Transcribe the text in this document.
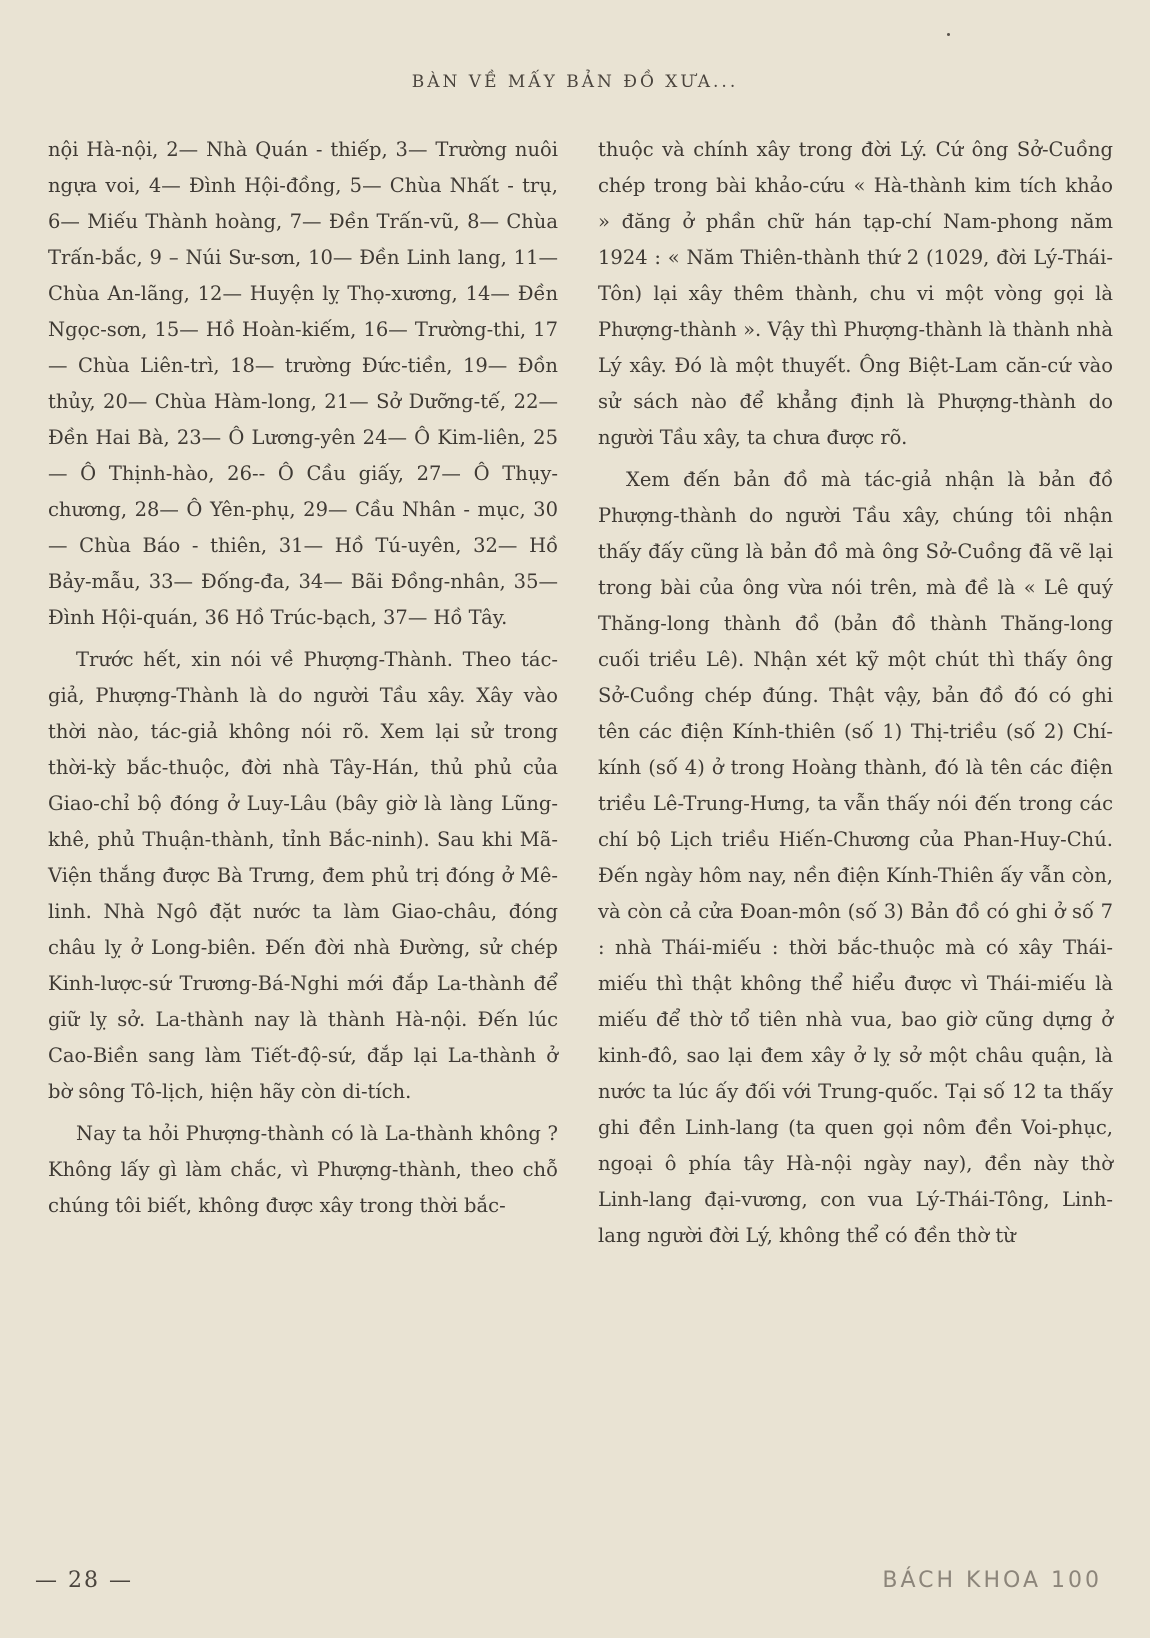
BÀN VỀ MẤY BẢN ĐỒ XƯA...

nội Hà-nội, 2— Nhà Quán - thiếp, 3— Trường nuôi ngựa voi, 4— Đình Hội-đồng, 5— Chùa Nhất - trụ, 6— Miếu Thành hoàng, 7— Đền Trấn-vũ, 8— Chùa Trấn-bắc, 9 – Núi Sư-sơn, 10— Đền Linh lang, 11— Chùa An-lãng, 12— Huyện lỵ Thọ-xương, 14— Đền Ngọc-sơn, 15— Hồ Hoàn-kiếm, 16— Trường-thi, 17— Chùa Liên-trì, 18— trường Đức-tiền, 19— Đồn thủy, 20— Chùa Hàm-long, 21— Sở Dưỡng-tế, 22— Đền Hai Bà, 23— Ô Lương-yên 24— Ô Kim-liên, 25— Ô Thịnh-hào, 26-- Ô Cầu giấy, 27— Ô Thụy-chương, 28— Ô Yên-phụ, 29— Cầu Nhân - mục, 30— Chùa Báo - thiên, 31— Hồ Tú-uyên, 32— Hồ Bảy-mẫu, 33— Đống-đa, 34— Bãi Đồng-nhân, 35— Đình Hội-quán, 36 Hồ Trúc-bạch, 37— Hồ Tây.

Trước hết, xin nói về Phượng-Thành. Theo tác-giả, Phượng-Thành là do người Tầu xây. Xây vào thời nào, tác-giả không nói rõ. Xem lại sử trong thời-kỳ bắc-thuộc, đời nhà Tây-Hán, thủ phủ của Giao-chỉ bộ đóng ở Luy-Lâu (bây giờ là làng Lũng-khê, phủ Thuận-thành, tỉnh Bắc-ninh). Sau khi Mã-Viện thắng được Bà Trưng, đem phủ trị đóng ở Mê-linh. Nhà Ngô đặt nước ta làm Giao-châu, đóng châu lỵ ở Long-biên. Đến đời nhà Đường, sử chép Kinh-lược-sứ Trương-Bá-Nghi mới đắp La-thành để giữ lỵ sở. La-thành nay là thành Hà-nội. Đến lúc Cao-Biền sang làm Tiết-độ-sứ, đắp lại La-thành ở bờ sông Tô-lịch, hiện hãy còn di-tích.

Nay ta hỏi Phượng-thành có là La-thành không ? Không lấy gì làm chắc, vì Phượng-thành, theo chỗ chúng tôi biết, không được xây trong thời bắc-

thuộc và chính xây trong đời Lý. Cứ ông Sở-Cuồng chép trong bài khảo-cứu « Hà-thành kim tích khảo » đăng ở phần chữ hán tạp-chí Nam-phong năm 1924 : « Năm Thiên-thành thứ 2 (1029, đời Lý-Thái-Tôn) lại xây thêm thành, chu vi một vòng gọi là Phượng-thành ». Vậy thì Phượng-thành là thành nhà Lý xây. Đó là một thuyết. Ông Biệt-Lam căn-cứ vào sử sách nào để khẳng định là Phượng-thành do người Tầu xây, ta chưa được rõ.

Xem đến bản đồ mà tác-giả nhận là bản đồ Phượng-thành do người Tầu xây, chúng tôi nhận thấy đấy cũng là bản đồ mà ông Sở-Cuồng đã vẽ lại trong bài của ông vừa nói trên, mà đề là « Lê quý Thăng-long thành đồ (bản đồ thành Thăng-long cuối triều Lê). Nhận xét kỹ một chút thì thấy ông Sở-Cuồng chép đúng. Thật vậy, bản đồ đó có ghi tên các điện Kính-thiên (số 1) Thị-triều (số 2) Chí-kính (số 4) ở trong Hoàng thành, đó là tên các điện triều Lê-Trung-Hưng, ta vẫn thấy nói đến trong các chí bộ Lịch triều Hiến-Chương của Phan-Huy-Chú. Đến ngày hôm nay, nền điện Kính-Thiên ấy vẫn còn, và còn cả cửa Đoan-môn (số 3) Bản đồ có ghi ở số 7 : nhà Thái-miếu : thời bắc-thuộc mà có xây Thái-miếu thì thật không thể hiểu được vì Thái-miếu là miếu để thờ tổ tiên nhà vua, bao giờ cũng dựng ở kinh-đô, sao lại đem xây ở lỵ sở một châu quận, là nước ta lúc ấy đối với Trung-quốc. Tại số 12 ta thấy ghi đền Linh-lang (ta quen gọi nôm đền Voi-phục, ngoại ô phía tây Hà-nội ngày nay), đền này thờ Linh-lang đại-vương, con vua Lý-Thái-Tông, Linh-lang người đời Lý, không thể có đền thờ từ

— 28 —	BÁCH KHOA 100
